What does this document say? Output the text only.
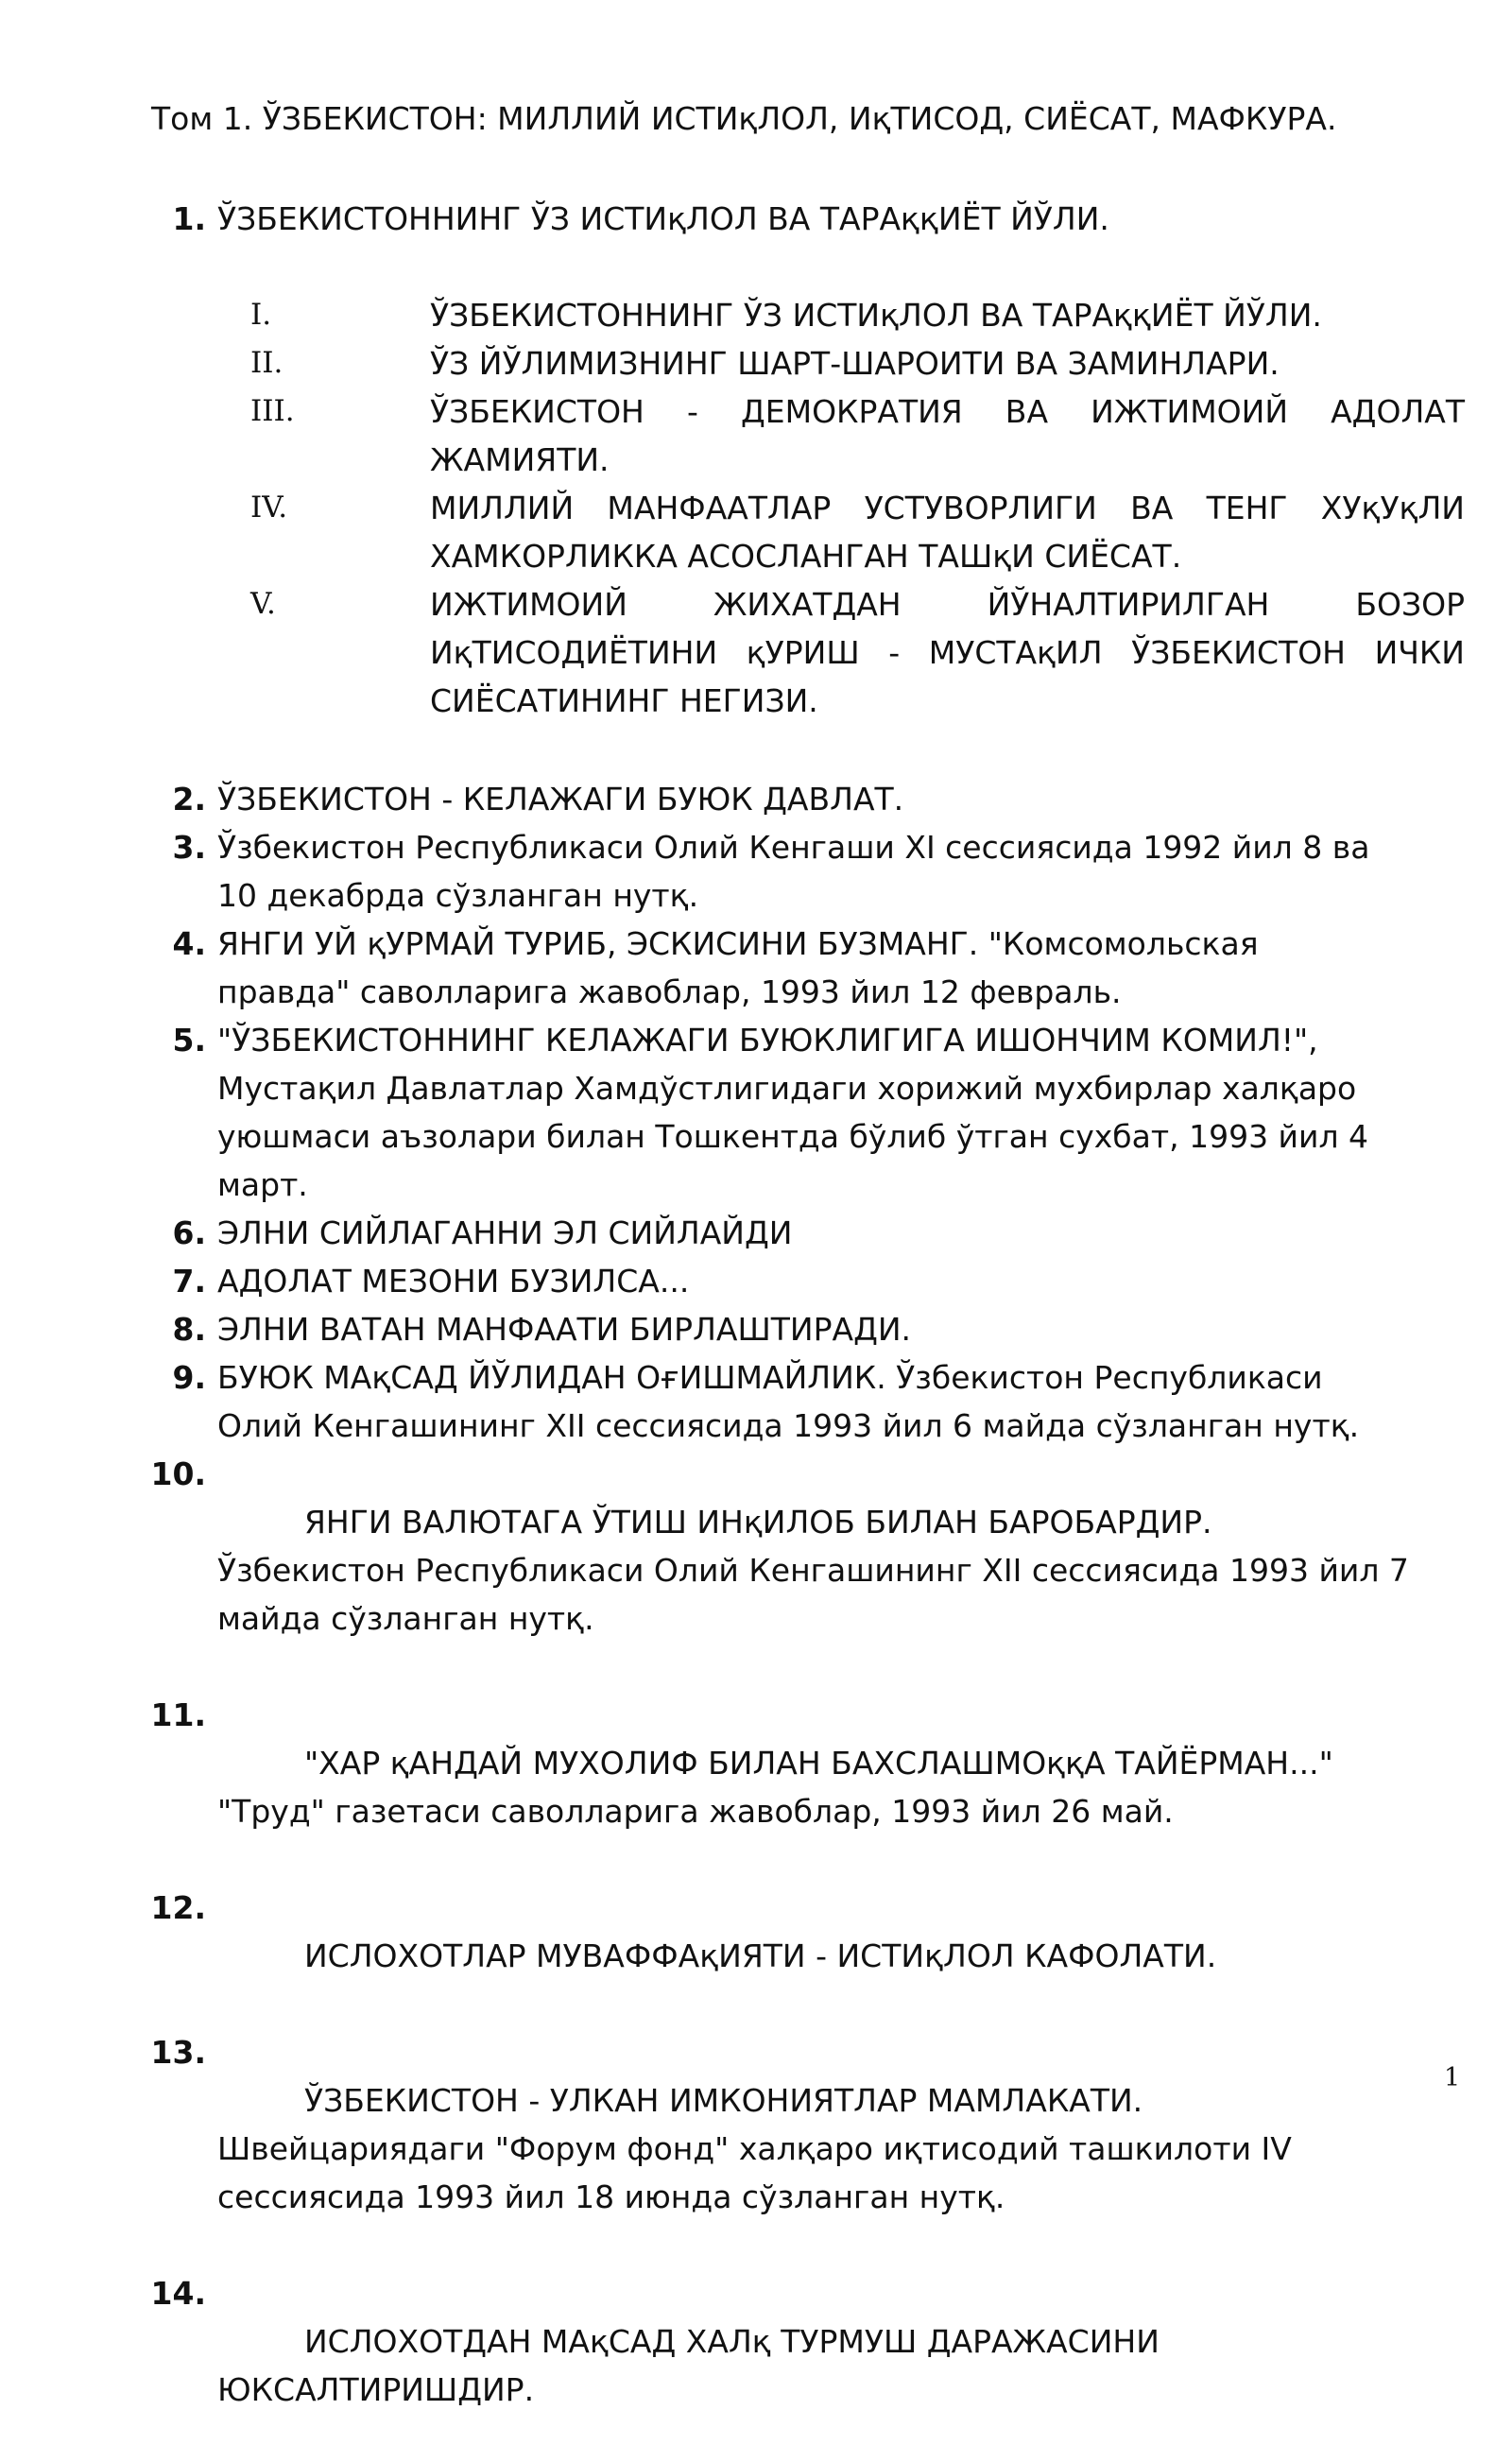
Том 1. ЎЗБЕКИСТОН: МИЛЛИЙ ИСТИқЛОЛ, ИқТИСОД, СИЁСАТ, МАФКУРА.
1. ЎЗБЕКИСТОННИНГ ЎЗ ИСТИқЛОЛ ВА ТАРАққИЁТ ЙЎЛИ.
I.	ЎЗБЕКИСТОННИНГ ЎЗ ИСТИқЛОЛ ВА ТАРАққИЁТ ЙЎЛИ.
II.	ЎЗ ЙЎЛИМИЗНИНГ ШАРТ-ШАРОИТИ ВА ЗАМИНЛАРИ.
III.	ЎЗБЕКИСТОН - ДЕМОКРАТИЯ ВА ИЖТИМОИЙ АДОЛАТ ЖАМИЯТИ.
IV.	МИЛЛИЙ МАНФААТЛАР УСТУВОРЛИГИ ВА ТЕНГ ХУқУқЛИ ХАМКОРЛИККА АСОСЛАНГАН ТАШқИ СИЁСАТ.
V.	ИЖТИМОИЙ ЖИХАТДАН ЙЎНАЛТИРИЛГАН БОЗОР ИқТИСОДИЁТИНИ қУРИШ - МУСТАқИЛ ЎЗБЕКИСТОН ИЧКИ СИЁСАТИНИНГ НЕГИЗИ.
2. ЎЗБЕКИСТОН - КЕЛАЖАГИ БУЮК ДАВЛАТ.
3. Ўзбекистон Республикаси Олий Кенгаши XI сессиясида 1992 йил 8 ва
10 декабрда сўзланган нутқ.
4. ЯНГИ УЙ қУРМАЙ ТУРИБ, ЭСКИСИНИ БУЗМАНГ. "Комсомольская
правда" саволларига жавоблар, 1993 йил 12 февраль.
5. "ЎЗБЕКИСТОННИНГ КЕЛАЖАГИ БУЮКЛИГИГА ИШОНЧИМ КОМИЛ!",
Мустақил Давлатлар Хамдўстлигидаги хорижий мухбирлар халқаро
уюшмаси аъзолари билан Тошкентда бўлиб ўтган сухбат, 1993 йил 4
март.
6. ЭЛНИ СИЙЛАГАННИ ЭЛ СИЙЛАЙДИ
7. АДОЛАТ МЕЗОНИ БУЗИЛСА...
8. ЭЛНИ ВАТАН МАНФААТИ БИРЛАШТИРАДИ.
9. БУЮК МАқСАД ЙЎЛИДАН ОғИШМАЙЛИК. Ўзбекистон Республикаси
Олий Кенгашининг XII сессиясида 1993 йил 6 майда сўзланган нутқ.
10.

ЯНГИ ВАЛЮТАГА ЎТИШ ИНқИЛОБ БИЛАН БАРОБАРДИР.
Ўзбекистон Республикаси Олий Кенгашининг XII сессиясида 1993 йил 7
майда сўзланган нутқ.

11.

"ХАР қАНДАЙ МУХОЛИФ БИЛАН БАХСЛАШМОққА ТАЙЁРМАН..."
"Труд" газетаси саволларига жавоблар, 1993 йил 26 май.

12.

ИСЛОХОТЛАР МУВАФФАқИЯТИ - ИСТИқЛОЛ КАФОЛАТИ.

13.

ЎЗБЕКИСТОН - УЛКАН ИМКОНИЯТЛАР МАМЛАКАТИ.
Швейцариядаги "Форум фонд" халқаро иқтисодий ташкилоти IV
сессиясида 1993 йил 18 июнда сўзланган нутқ.

14.

ИСЛОХОТДАН МАқСАД ХАЛқ ТУРМУШ ДАРАЖАСИНИ
ЮКСАЛТИРИШДИР.

1
